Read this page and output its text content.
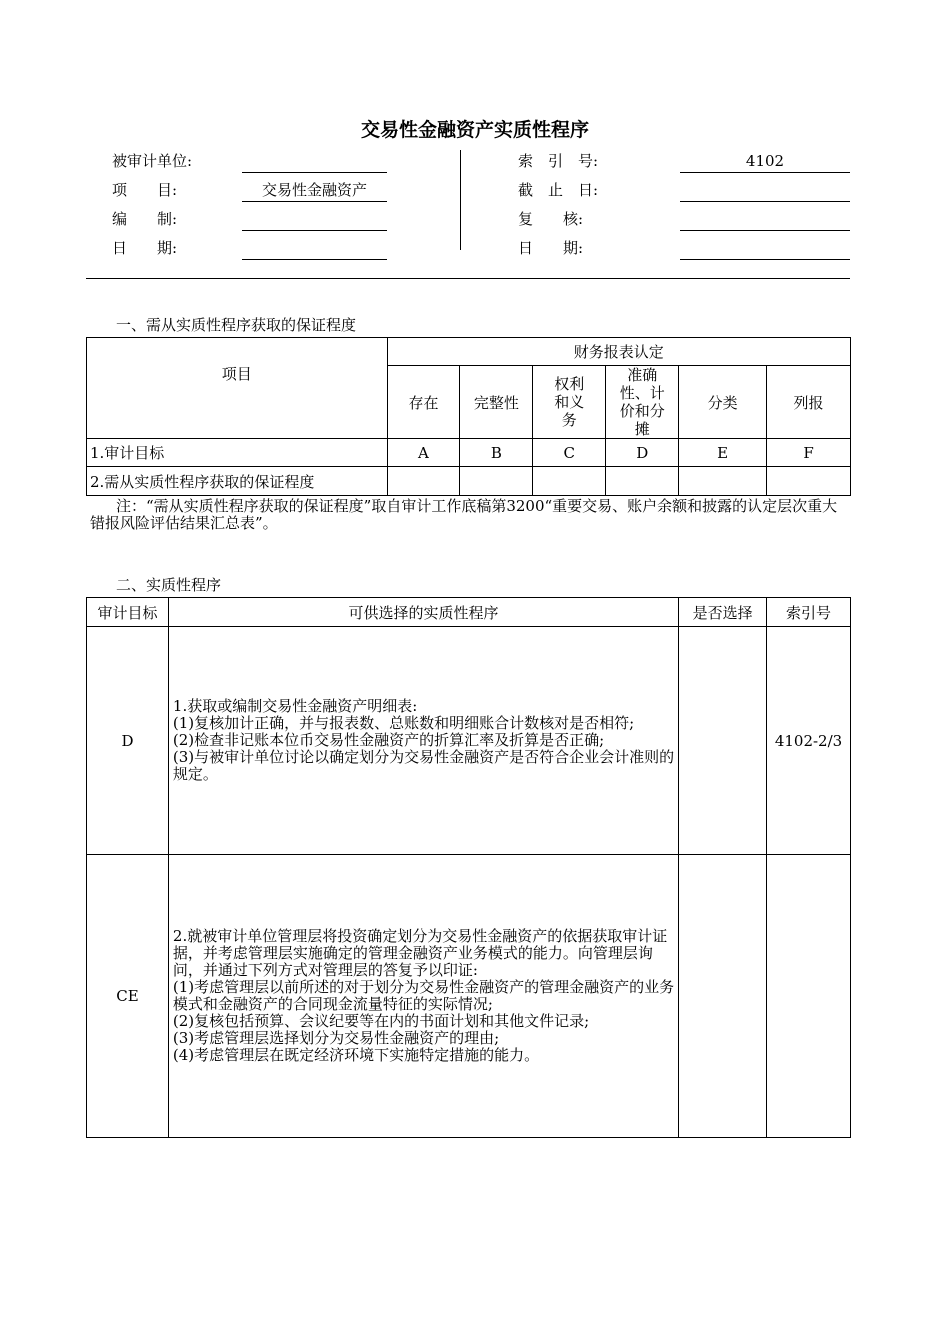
交易性金融资产实质性程序
被审计单位:
项　　目:	交易性金融资产
编　　制:
日　　期:
索　引　号:	4102
截　止　日:
复　　核:
日　　期:
一、需从实质性程序获取的保证程度
项目	财务报表认定					
	存在	完整性	权利和义务	准确性、计价和分摊	分类	列报
1.审计目标	A	B	C	D	E	F
2.需从实质性程序获取的保证程度						
注：“需从实质性程序获取的保证程度”取自审计工作底稿第3200“重要交易、账户余额和披露的认定层次重大错报风险评估结果汇总表”。
二、实质性程序
审计目标	可供选择的实质性程序	是否选择	索引号
D	1.获取或编制交易性金融资产明细表:
(1)复核加计正确，并与报表数、总账数和明细账合计数核对是否相符;
(2)检查非记账本位币交易性金融资产的折算汇率及折算是否正确;
(3)与被审计单位讨论以确定划分为交易性金融资产是否符合企业会计准则的规定。		4102-2/3
CE	2.就被审计单位管理层将投资确定划分为交易性金融资产的依据获取审计证据，并考虑管理层实施确定的管理金融资产业务模式的能力。向管理层询问，并通过下列方式对管理层的答复予以印证:
(1)考虑管理层以前所述的对于划分为交易性金融资产的管理金融资产的业务模式和金融资产的合同现金流量特征的实际情况;
(2)复核包括预算、会议纪要等在内的书面计划和其他文件记录;
(3)考虑管理层选择划分为交易性金融资产的理由;
(4)考虑管理层在既定经济环境下实施特定措施的能力。		
